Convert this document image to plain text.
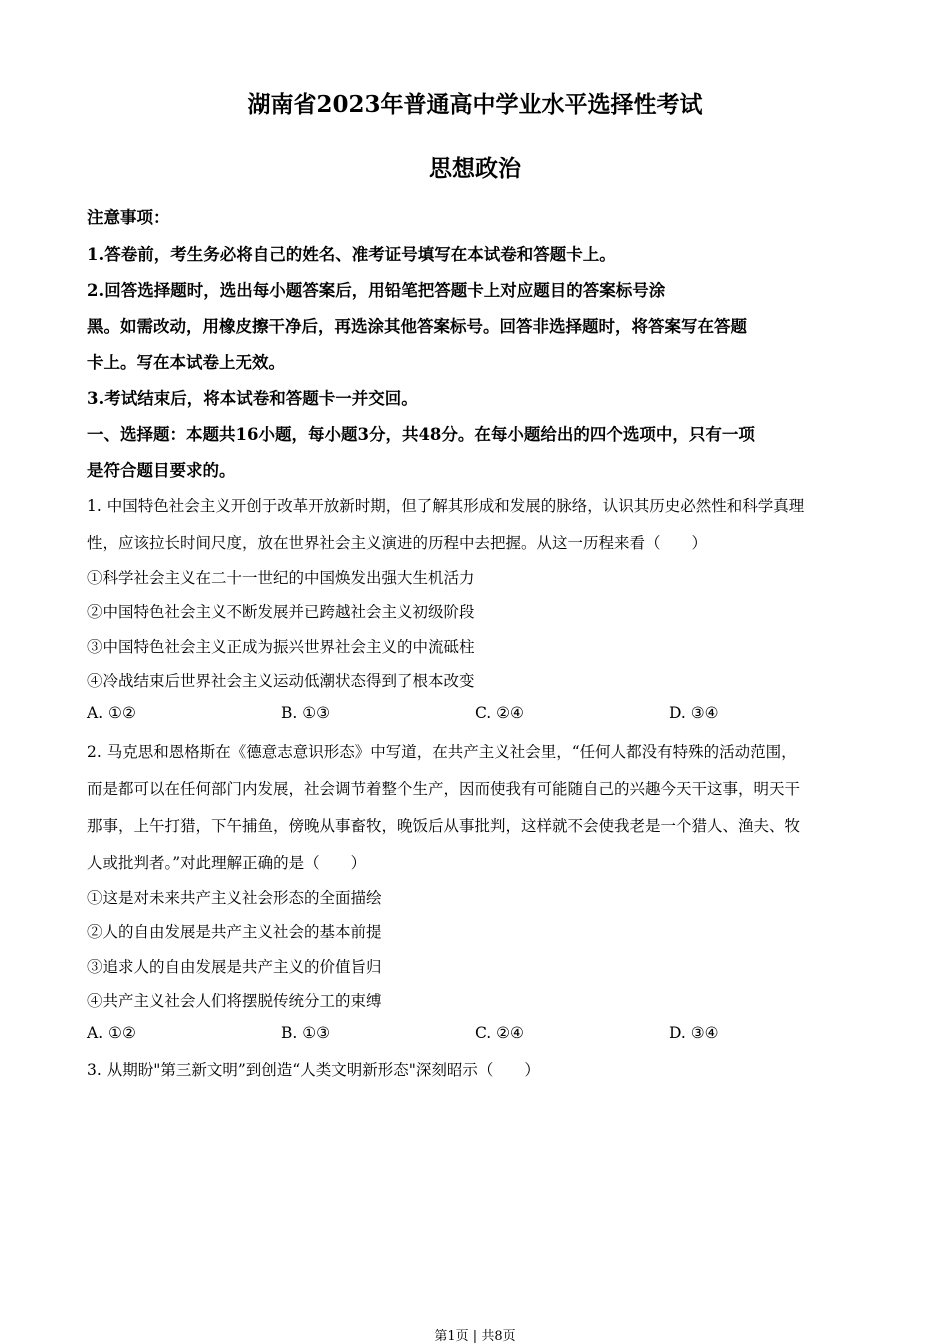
湖南省2023年普通高中学业水平选择性考试
思想政治
注意事项：
1.答卷前，考生务必将自己的姓名、准考证号填写在本试卷和答题卡上。
2.回答选择题时，选出每小题答案后，用铅笔把答题卡上对应题目的答案标号涂
黑。如需改动，用橡皮擦干净后，再选涂其他答案标号。回答非选择题时，将答案写在答题
卡上。写在本试卷上无效。
3.考试结束后，将本试卷和答题卡一并交回。
一、选择题：本题共16小题，每小题3分，共48分。在每小题给出的四个选项中，只有一项
是符合题目要求的。
1. 中国特色社会主义开创于改革开放新时期，但了解其形成和发展的脉络，认识其历史必然性和科学真理
性，应该拉长时间尺度，放在世界社会主义演进的历程中去把握。从这一历程来看（　　）
①科学社会主义在二十一世纪的中国焕发出强大生机活力
②中国特色社会主义不断发展并已跨越社会主义初级阶段
③中国特色社会主义正成为振兴世界社会主义的中流砥柱
④冷战结束后世界社会主义运动低潮状态得到了根本改变
A. ①②	B. ①③	C. ②④	D. ③④
2. 马克思和恩格斯在《德意志意识形态》中写道，在共产主义社会里，“任何人都没有特殊的活动范围，
而是都可以在任何部门内发展，社会调节着整个生产，因而使我有可能随自己的兴趣今天干这事，明天干
那事，上午打猎，下午捕鱼，傍晚从事畜牧，晚饭后从事批判，这样就不会使我老是一个猎人、渔夫、牧
人或批判者。”对此理解正确的是（　　）
①这是对未来共产主义社会形态的全面描绘
②人的自由发展是共产主义社会的基本前提
③追求人的自由发展是共产主义的价值旨归
④共产主义社会人们将摆脱传统分工的束缚
A. ①②	B. ①③	C. ②④	D. ③④
3. 从期盼"第三新文明”到创造“人类文明新形态"深刻昭示（　　）
第1页 | 共8页
